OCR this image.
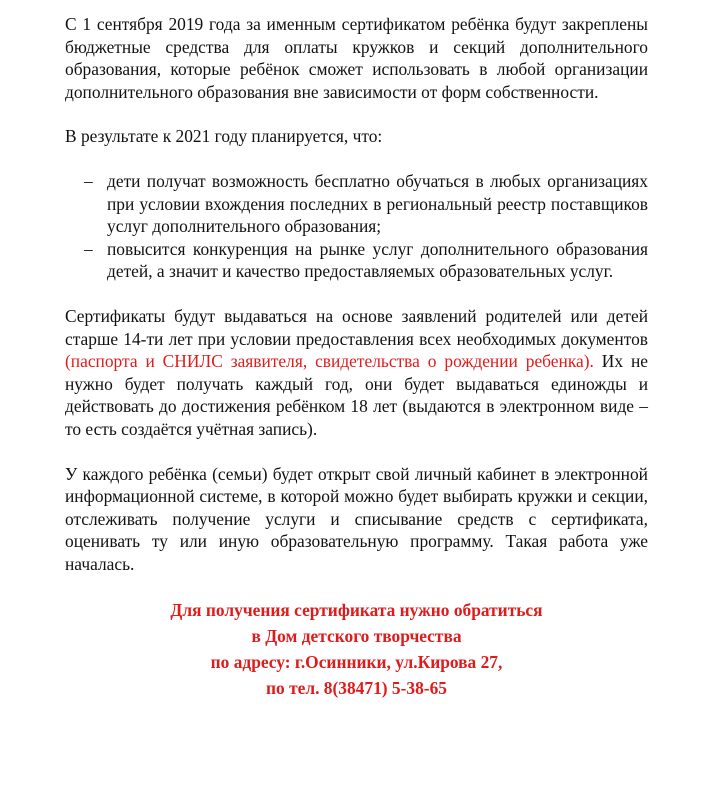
С 1 сентября 2019 года за именным сертификатом ребёнка будут закреплены бюджетные средства для оплаты кружков и секций дополнительного образования, которые ребёнок сможет использовать в любой организации дополнительного образования вне зависимости от форм собственности.

В результате к 2021 году планируется, что:

– дети получат возможность бесплатно обучаться в любых организациях при условии вхождения последних в региональный реестр поставщиков услуг дополнительного образования;
– повысится конкуренция на рынке услуг дополнительного образования детей, а значит и качество предоставляемых образовательных услуг.

Сертификаты будут выдаваться на основе заявлений родителей или детей старше 14-ти лет при условии предоставления всех необходимых документов (паспорта и СНИЛС заявителя, свидетельства о рождении ребенка). Их не нужно будет получать каждый год, они будет выдаваться единожды и действовать до достижения ребёнком 18 лет (выдаются в электронном виде – то есть создаётся учётная запись).

У каждого ребёнка (семьи) будет открыт свой личный кабинет в электронной информационной системе, в которой можно будет выбирать кружки и секции, отслеживать получение услуги и списывание средств с сертификата, оценивать ту или иную образовательную программу. Такая работа уже началась.

Для получения сертификата нужно обратиться
в Дом детского творчества
по адресу: г.Осинники, ул.Кирова 27,
по тел. 8(38471) 5-38-65
